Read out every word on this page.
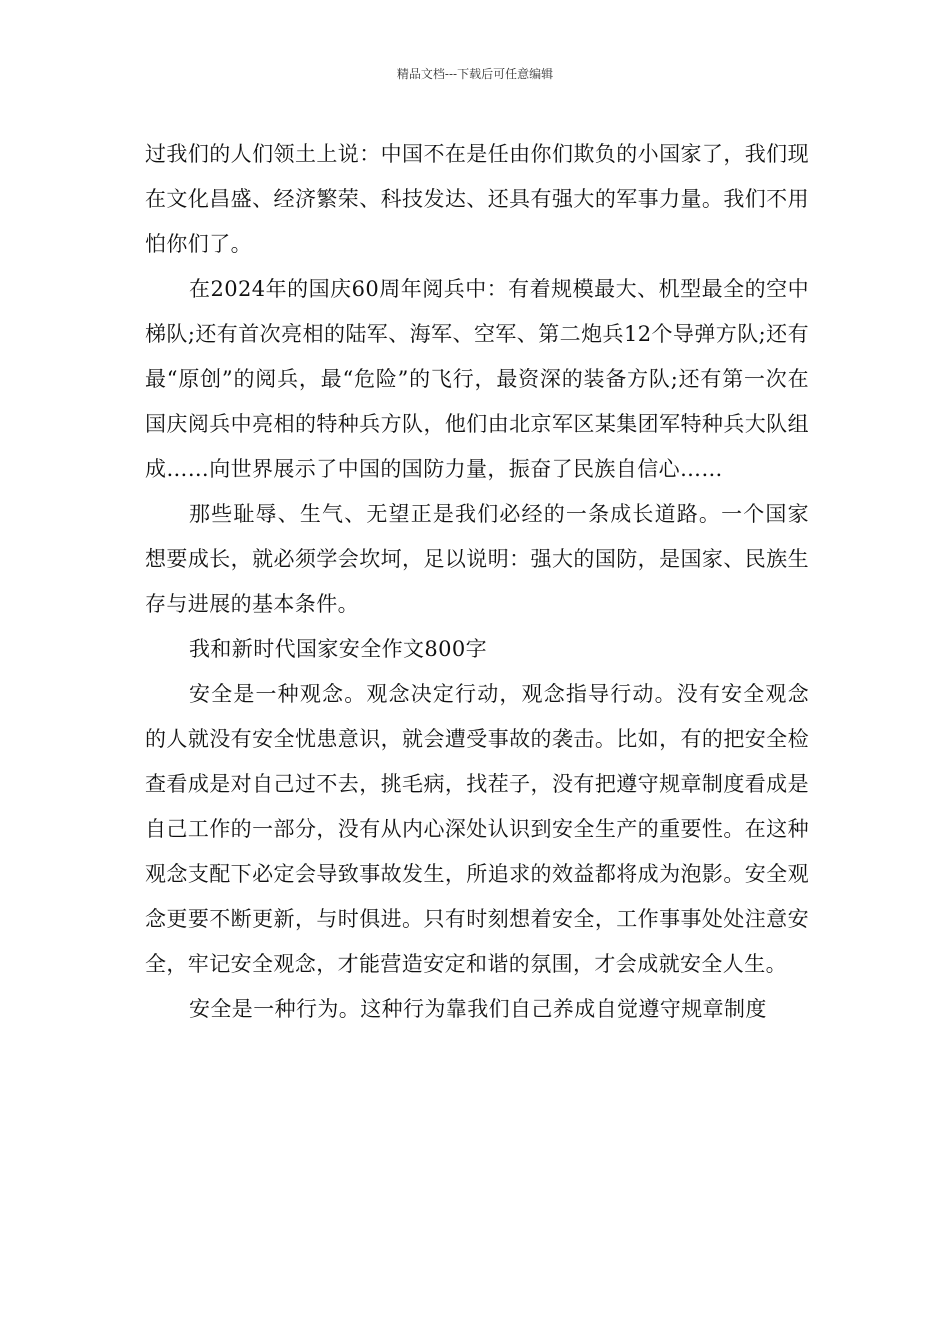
精品文档---下载后可任意编辑

过我们的人们领土上说：中国不在是任由你们欺负的小国家了，我们现在文化昌盛、经济繁荣、科技发达、还具有强大的军事力量。我们不用怕你们了。

在2024年的国庆60周年阅兵中：有着规模最大、机型最全的空中梯队;还有首次亮相的陆军、海军、空军、第二炮兵12个导弹方队;还有最“原创”的阅兵，最“危险”的飞行，最资深的装备方队;还有第一次在国庆阅兵中亮相的特种兵方队，他们由北京军区某集团军特种兵大队组成……向世界展示了中国的国防力量，振奋了民族自信心……

那些耻辱、生气、无望正是我们必经的一条成长道路。一个国家想要成长，就必须学会坎坷，足以说明：强大的国防，是国家、民族生存与进展的基本条件。

我和新时代国家安全作文800字

安全是一种观念。观念决定行动，观念指导行动。没有安全观念的人就没有安全忧患意识，就会遭受事故的袭击。比如，有的把安全检查看成是对自己过不去，挑毛病，找茬子，没有把遵守规章制度看成是自己工作的一部分，没有从内心深处认识到安全生产的重要性。在这种观念支配下必定会导致事故发生，所追求的效益都将成为泡影。安全观念更要不断更新，与时俱进。只有时刻想着安全，工作事事处处注意安全，牢记安全观念，才能营造安定和谐的氛围，才会成就安全人生。

安全是一种行为。这种行为靠我们自己养成自觉遵守规章制度
